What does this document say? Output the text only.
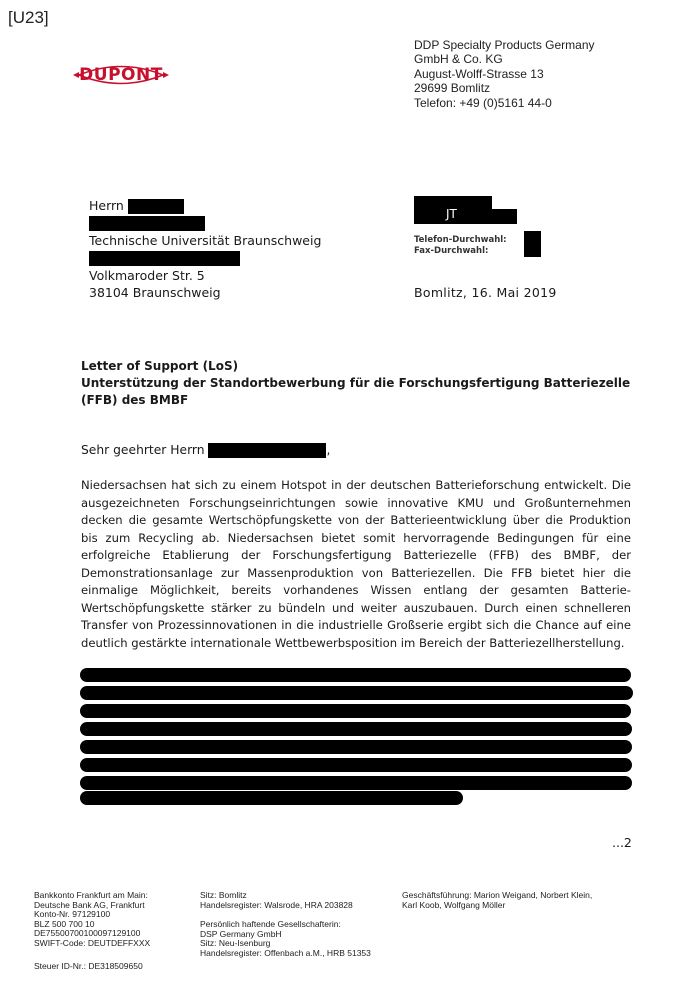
[U23]
DUPONT
DDP Specialty Products Germany
GmbH & Co. KG
August-Wolff-Strasse 13
29699 Bomlitz
Telefon: +49 (0)5161 44-0
Herrn
Technische Universität Braunschweig
Volkmaroder Str. 5
38104 Braunschweig
JT
Telefon-Durchwahl:
Fax-Durchwahl:
Bomlitz, 16. Mai 2019
Letter of Support (LoS)
Unterstützung der Standortbewerbung für die Forschungsfertigung Batteriezelle (FFB) des BMBF
Sehr geehrter Herrn	,
Niedersachsen hat sich zu einem Hotspot in der deutschen Batterieforschung entwickelt. Die ausgezeichneten Forschungseinrichtungen sowie innovative KMU und Großunternehmen decken die gesamte Wertschöpfungskette von der Batterieentwicklung über die Produktion bis zum Recycling ab. Niedersachsen bietet somit hervorragende Bedingungen für eine erfolgreiche Etablierung der Forschungsfertigung Batteriezelle (FFB) des BMBF, der Demonstrationsanlage zur Massenproduktion von Batteriezellen. Die FFB bietet hier die einmalige Möglichkeit, bereits vorhandenes Wissen entlang der gesamten Batterie-Wertschöpfungskette stärker zu bündeln und weiter auszubauen. Durch einen schnelleren Transfer von Prozessinnovationen in die industrielle Großserie ergibt sich die Chance auf eine deutlich gestärkte internationale Wettbewerbsposition im Bereich der Batteriezellherstellung.
...2
Bankkonto Frankfurt am Main:
Deutsche Bank AG, Frankfurt
Konto-Nr. 97129100
BLZ 500 700 10
DE75500700100097129100
SWIFT-Code: DEUTDEFFXXX
Steuer ID-Nr.: DE318509650
Sitz: Bomlitz
Handelsregister: Walsrode, HRA 203828
Persönlich haftende Gesellschafterin:
DSP Germany GmbH
Sitz: Neu-Isenburg
Handelsregister: Offenbach a.M., HRB 51353
Geschäftsführung: Marion Weigand, Norbert Klein,
Karl Koob, Wolfgang Möller
